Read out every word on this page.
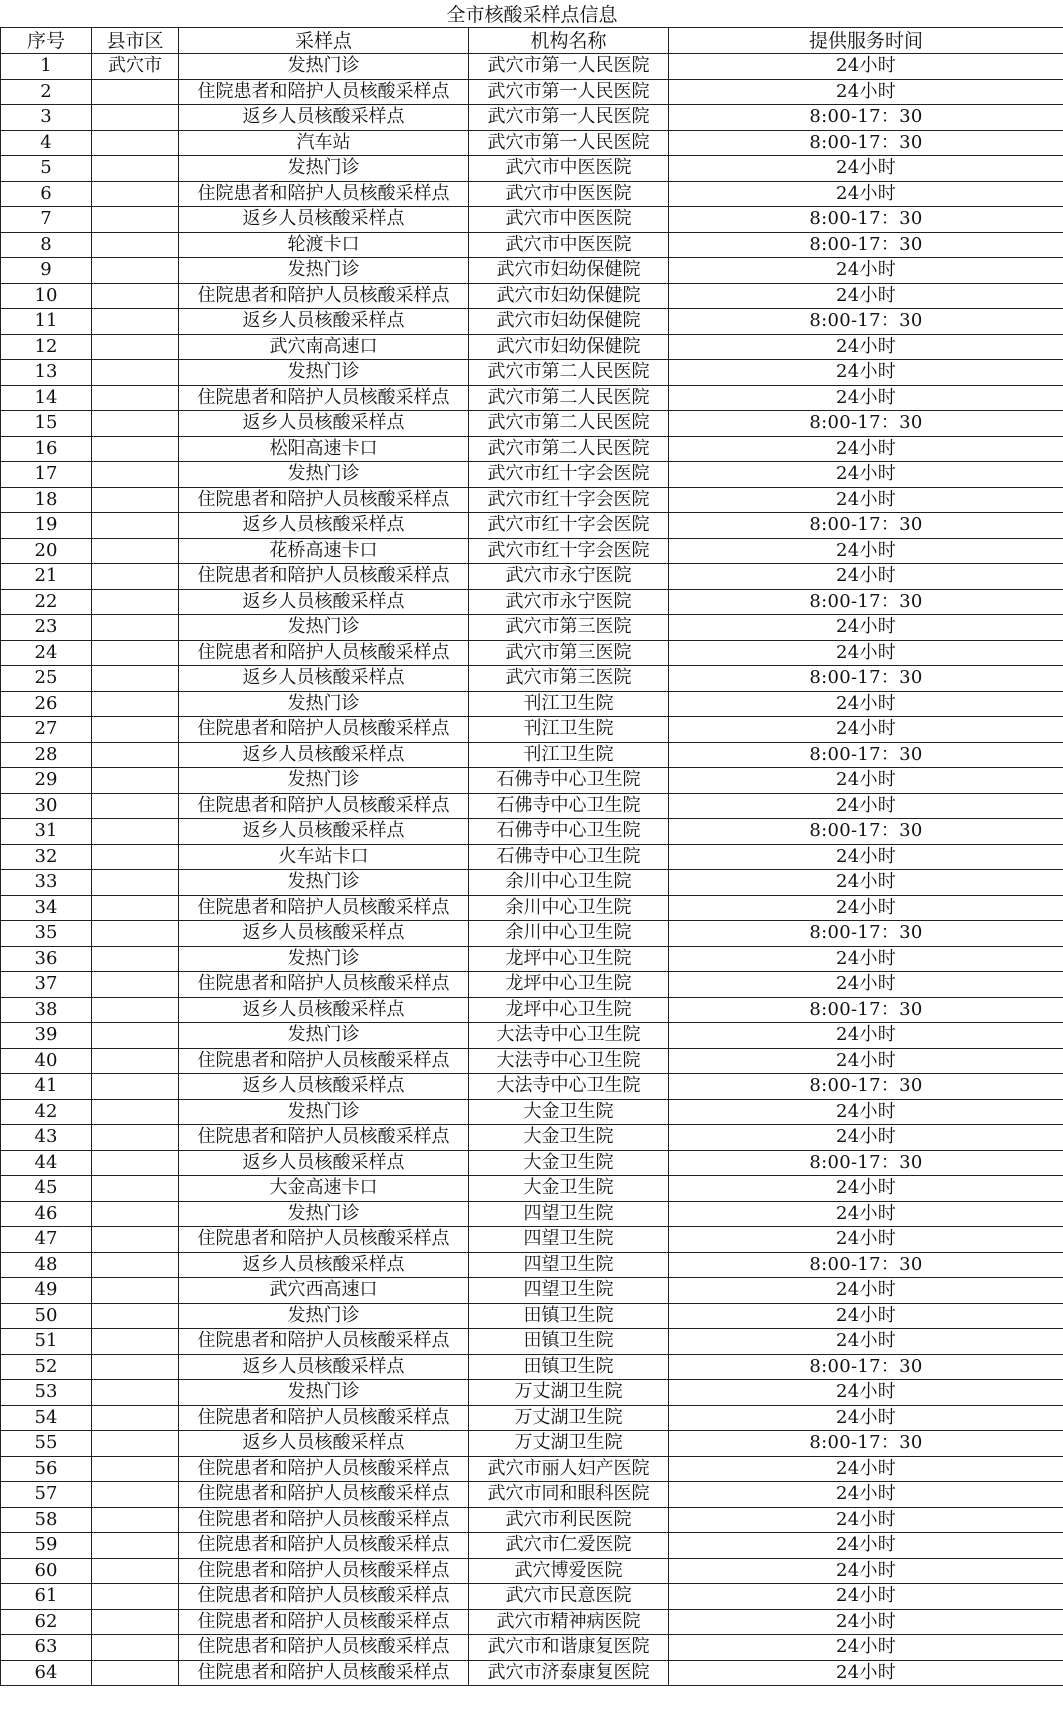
全市核酸采样点信息				
序号	县市区	采样点	机构名称	提供服务时间
1	武穴市	发热门诊	武穴市第一人民医院	24小时
2		住院患者和陪护人员核酸采样点	武穴市第一人民医院	24小时
3		返乡人员核酸采样点	武穴市第一人民医院	8:00-17：30
4		汽车站	武穴市第一人民医院	8:00-17：30
5		发热门诊	武穴市中医医院	24小时
6		住院患者和陪护人员核酸采样点	武穴市中医医院	24小时
7		返乡人员核酸采样点	武穴市中医医院	8:00-17：30
8		轮渡卡口	武穴市中医医院	8:00-17：30
9		发热门诊	武穴市妇幼保健院	24小时
10		住院患者和陪护人员核酸采样点	武穴市妇幼保健院	24小时
11		返乡人员核酸采样点	武穴市妇幼保健院	8:00-17：30
12		武穴南高速口	武穴市妇幼保健院	24小时
13		发热门诊	武穴市第二人民医院	24小时
14		住院患者和陪护人员核酸采样点	武穴市第二人民医院	24小时
15		返乡人员核酸采样点	武穴市第二人民医院	8:00-17：30
16		松阳高速卡口	武穴市第二人民医院	24小时
17		发热门诊	武穴市红十字会医院	24小时
18		住院患者和陪护人员核酸采样点	武穴市红十字会医院	24小时
19		返乡人员核酸采样点	武穴市红十字会医院	8:00-17：30
20		花桥高速卡口	武穴市红十字会医院	24小时
21		住院患者和陪护人员核酸采样点	武穴市永宁医院	24小时
22		返乡人员核酸采样点	武穴市永宁医院	8:00-17：30
23		发热门诊	武穴市第三医院	24小时
24		住院患者和陪护人员核酸采样点	武穴市第三医院	24小时
25		返乡人员核酸采样点	武穴市第三医院	8:00-17：30
26		发热门诊	刊江卫生院	24小时
27		住院患者和陪护人员核酸采样点	刊江卫生院	24小时
28		返乡人员核酸采样点	刊江卫生院	8:00-17：30
29		发热门诊	石佛寺中心卫生院	24小时
30		住院患者和陪护人员核酸采样点	石佛寺中心卫生院	24小时
31		返乡人员核酸采样点	石佛寺中心卫生院	8:00-17：30
32		火车站卡口	石佛寺中心卫生院	24小时
33		发热门诊	余川中心卫生院	24小时
34		住院患者和陪护人员核酸采样点	余川中心卫生院	24小时
35		返乡人员核酸采样点	余川中心卫生院	8:00-17：30
36		发热门诊	龙坪中心卫生院	24小时
37		住院患者和陪护人员核酸采样点	龙坪中心卫生院	24小时
38		返乡人员核酸采样点	龙坪中心卫生院	8:00-17：30
39		发热门诊	大法寺中心卫生院	24小时
40		住院患者和陪护人员核酸采样点	大法寺中心卫生院	24小时
41		返乡人员核酸采样点	大法寺中心卫生院	8:00-17：30
42		发热门诊	大金卫生院	24小时
43		住院患者和陪护人员核酸采样点	大金卫生院	24小时
44		返乡人员核酸采样点	大金卫生院	8:00-17：30
45		大金高速卡口	大金卫生院	24小时
46		发热门诊	四望卫生院	24小时
47		住院患者和陪护人员核酸采样点	四望卫生院	24小时
48		返乡人员核酸采样点	四望卫生院	8:00-17：30
49		武穴西高速口	四望卫生院	24小时
50		发热门诊	田镇卫生院	24小时
51		住院患者和陪护人员核酸采样点	田镇卫生院	24小时
52		返乡人员核酸采样点	田镇卫生院	8:00-17：30
53		发热门诊	万丈湖卫生院	24小时
54		住院患者和陪护人员核酸采样点	万丈湖卫生院	24小时
55		返乡人员核酸采样点	万丈湖卫生院	8:00-17：30
56		住院患者和陪护人员核酸采样点	武穴市丽人妇产医院	24小时
57		住院患者和陪护人员核酸采样点	武穴市同和眼科医院	24小时
58		住院患者和陪护人员核酸采样点	武穴市利民医院	24小时
59		住院患者和陪护人员核酸采样点	武穴市仁爱医院	24小时
60		住院患者和陪护人员核酸采样点	武穴博爱医院	24小时
61		住院患者和陪护人员核酸采样点	武穴市民意医院	24小时
62		住院患者和陪护人员核酸采样点	武穴市精神病医院	24小时
63		住院患者和陪护人员核酸采样点	武穴市和谐康复医院	24小时
64		住院患者和陪护人员核酸采样点	武穴市济泰康复医院	24小时
